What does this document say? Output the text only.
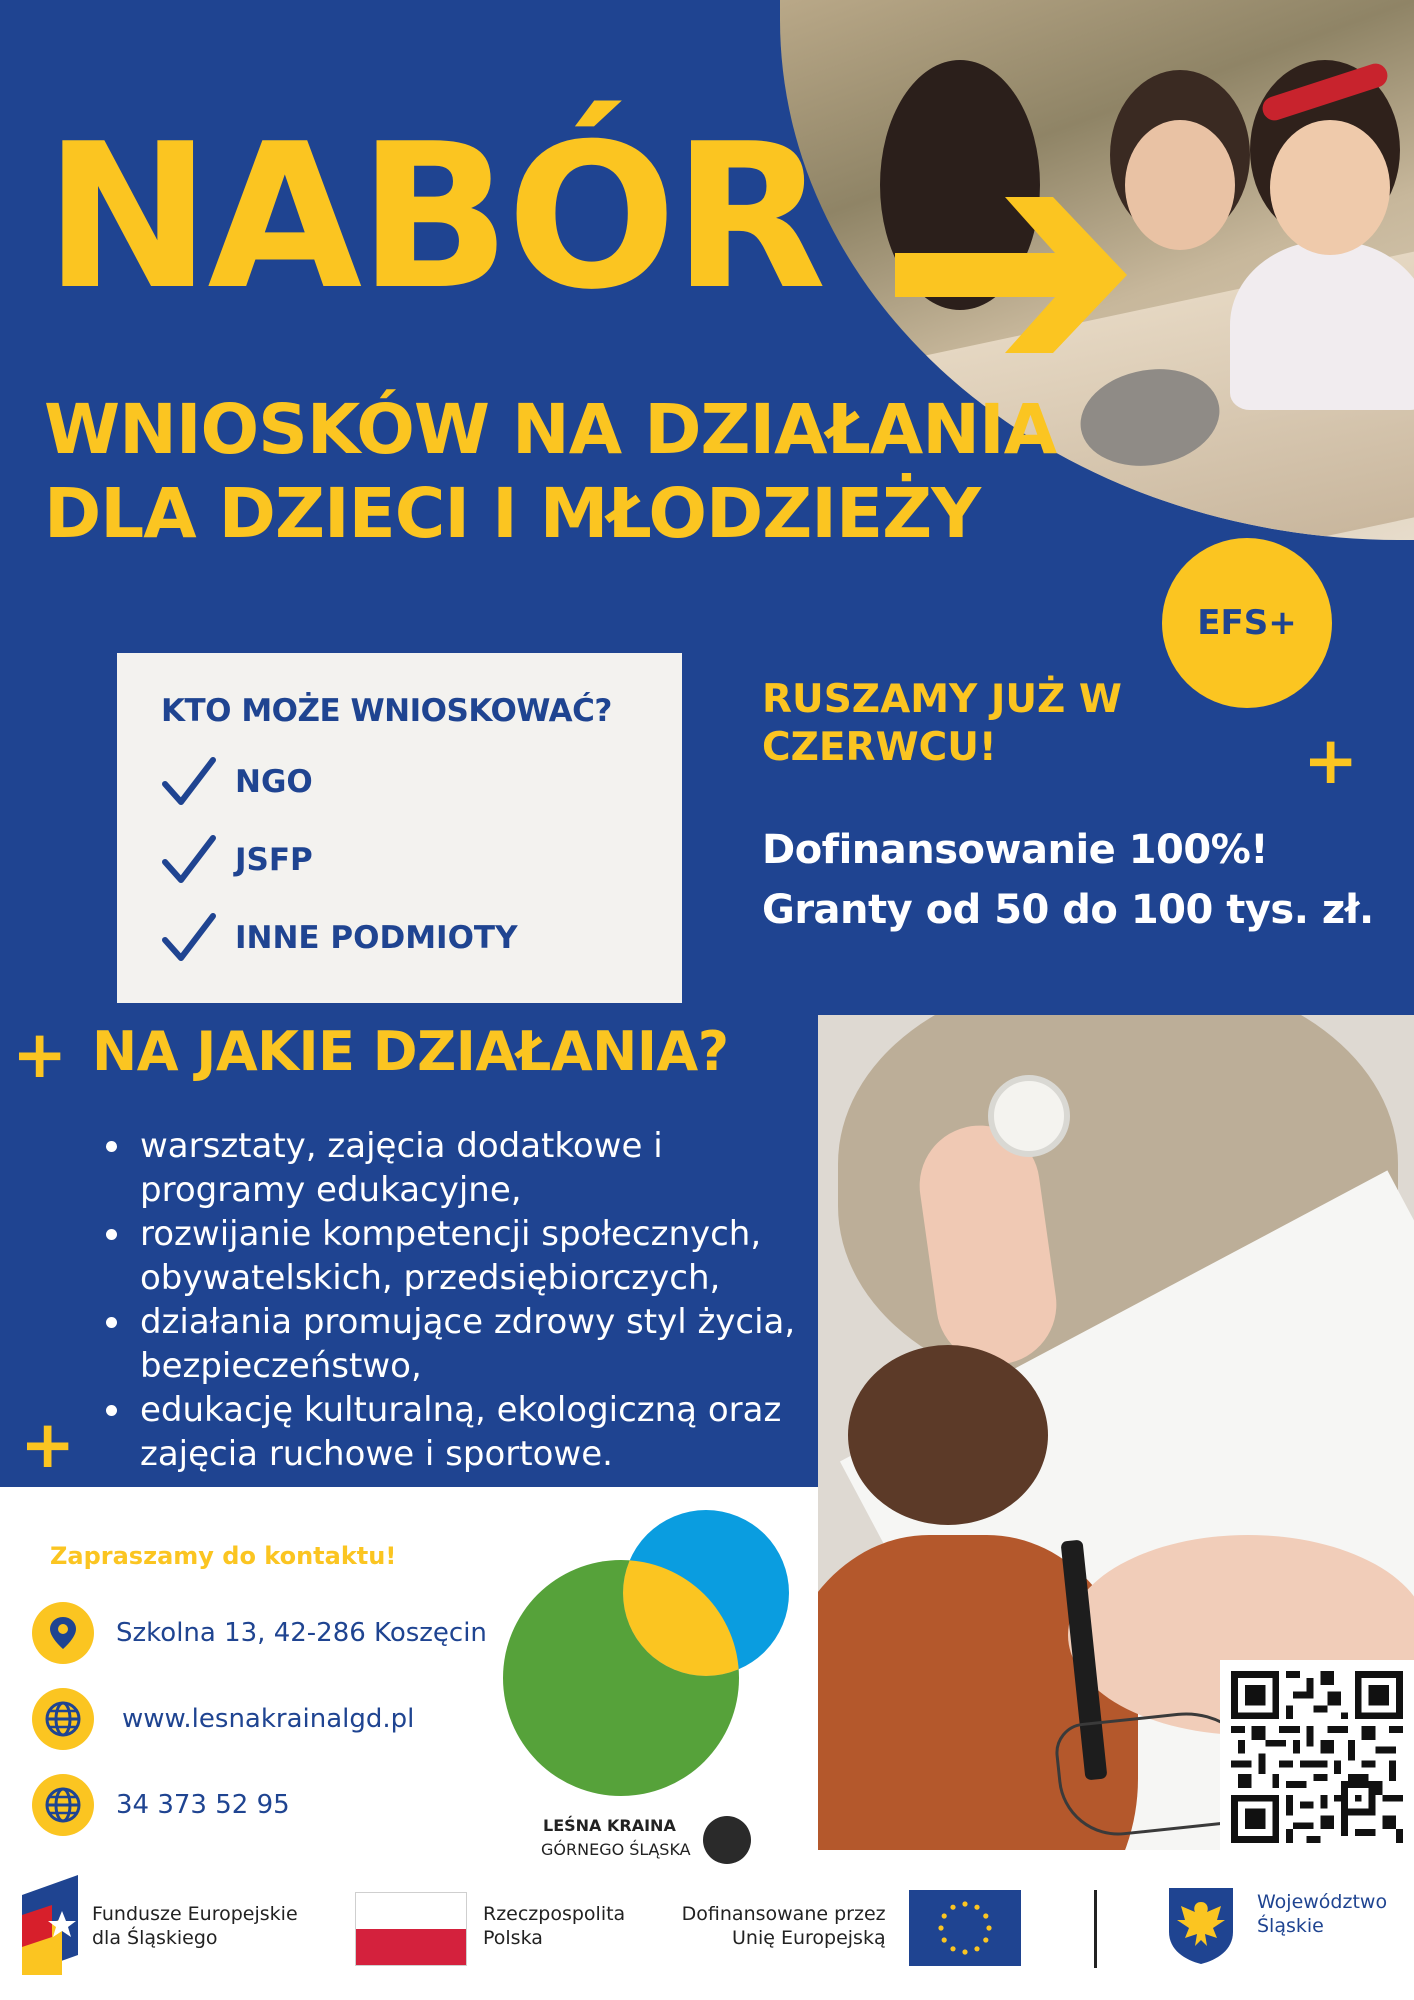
NABÓR
WNIOSKÓW NA DZIAŁANIA
DLA DZIECI I MŁODZIEŻY
EFS+
KTO MOŻE WNIOSKOWAĆ?
NGO
JSFP
INNE PODMIOTY
RUSZAMY JUŻ W
CZERWCU!	+

Dofinansowanie 100%!
Granty od 50 do 100 tys. zł.

+ NA JAKIE DZIAŁANIA?
warsztaty, zajęcia dodatkowe i
programy edukacyjne,
rozwijanie kompetencji społecznych,
obywatelskich, przedsiębiorczych,
działania promujące zdrowy styl życia,
bezpieczeństwo,
edukację kulturalną, ekologiczną oraz
zajęcia ruchowe i sportowe.
+
Zapraszamy do kontaktu!
Szkolna 13, 42-286 Koszęcin
www.lesnakrainalgd.pl
34 373 52 95

LEŚNA KRAINA

GÓRNEGO ŚLĄSKA

Fundusze Europejskie
dla Śląskiego

Rzeczpospolita
Polska

Dofinansowane przez
Unię Europejską

Województwo
Śląskie
